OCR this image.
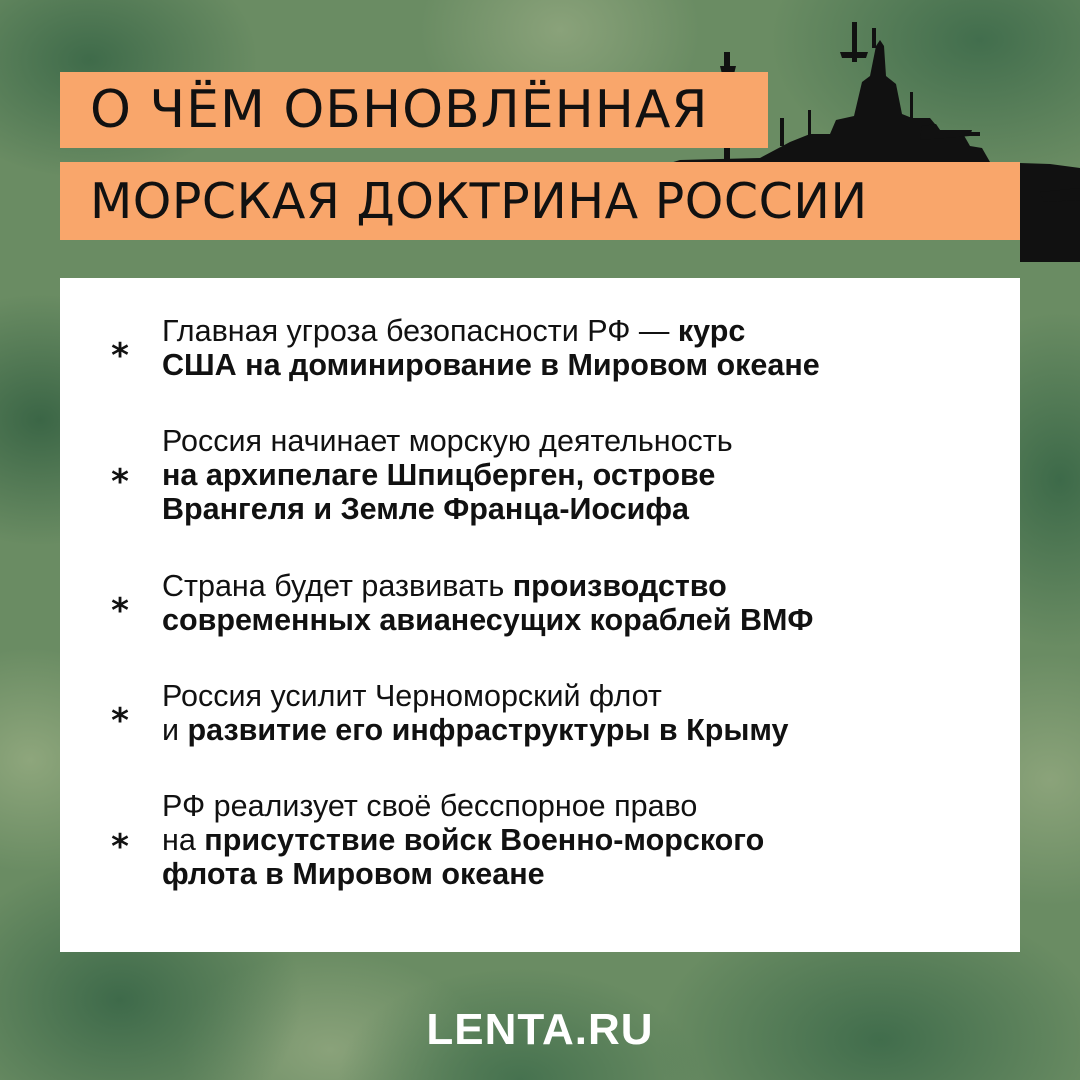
О ЧЁМ ОБНОВЛЁННАЯ
МОРСКАЯ ДОКТРИНА РОССИИ
*
Главная угроза безопасности РФ — курс
США на доминирование в Мировом океане
*
Россия начинает морскую деятельность
на архипелаге Шпицберген, острове
Врангеля и Земле Франца-Иосифа
*
Страна будет развивать производство
современных авианесущих кораблей ВМФ
*
Россия усилит Черноморский флот
и развитие его инфраструктуры в Крыму
*
РФ реализует своё бесспорное право
на присутствие войск Военно-морского
флота в Мировом океане
LENTA.RU
